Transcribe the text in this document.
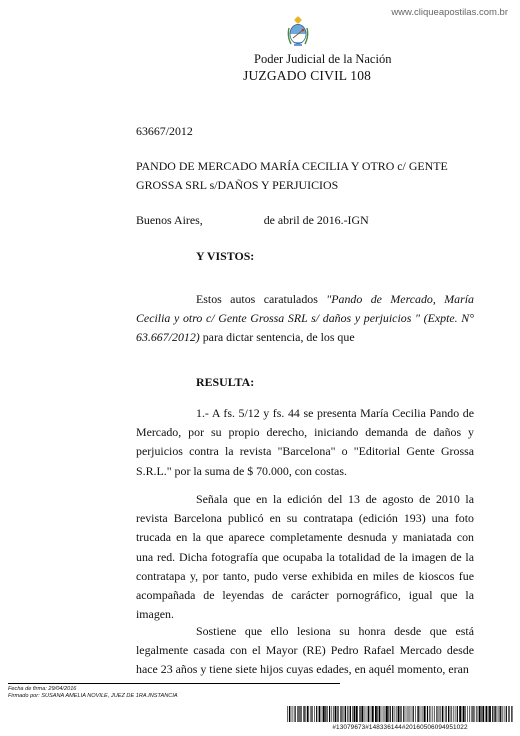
www.cliqueapostilas.com.br
Poder Judicial de la Nación
JUZGADO CIVIL 108
63667/2012
PANDO DE MERCADO MARÍA CECILIA Y OTRO c/ GENTE GROSSA SRL s/DAÑOS Y PERJUICIOS
Buenos Aires,	de abril de 2016.-IGN
Y VISTOS:
Estos autos caratulados "Pando de Mercado, María Cecilia y otro c/ Gente Grossa SRL s/ daños y perjuicios " (Expte. N° 63.667/2012) para dictar sentencia, de los que
RESULTA:
1.- A fs. 5/12 y fs. 44 se presenta María Cecilia Pando de Mercado, por su propio derecho, iniciando demanda de daños y perjuicios contra la revista "Barcelona" o "Editorial Gente Grossa S.R.L." por la suma de $ 70.000, con costas.
Señala que en la edición del 13 de agosto de 2010 la revista Barcelona publicó en su contratapa (edición 193) una foto trucada en la que aparece completamente desnuda y maniatada con una red. Dicha fotografía que ocupaba la totalidad de la imagen de la contratapa y, por tanto, pudo verse exhibida en miles de kioscos fue acompañada de leyendas de carácter pornográfico, igual que la imagen.
Sostiene que ello lesiona su honra desde que está legalmente casada con el Mayor (RE) Pedro Rafael Mercado desde hace 23 años y tiene siete hijos cuyas edades, en aquél momento, eran
Fecha de firma: 29/04/2016
Firmado por: SUSANA AMELIA NOVILE, JUEZ DE 1RA.INSTANCIA
#13079673#148336144#20160506094951022
